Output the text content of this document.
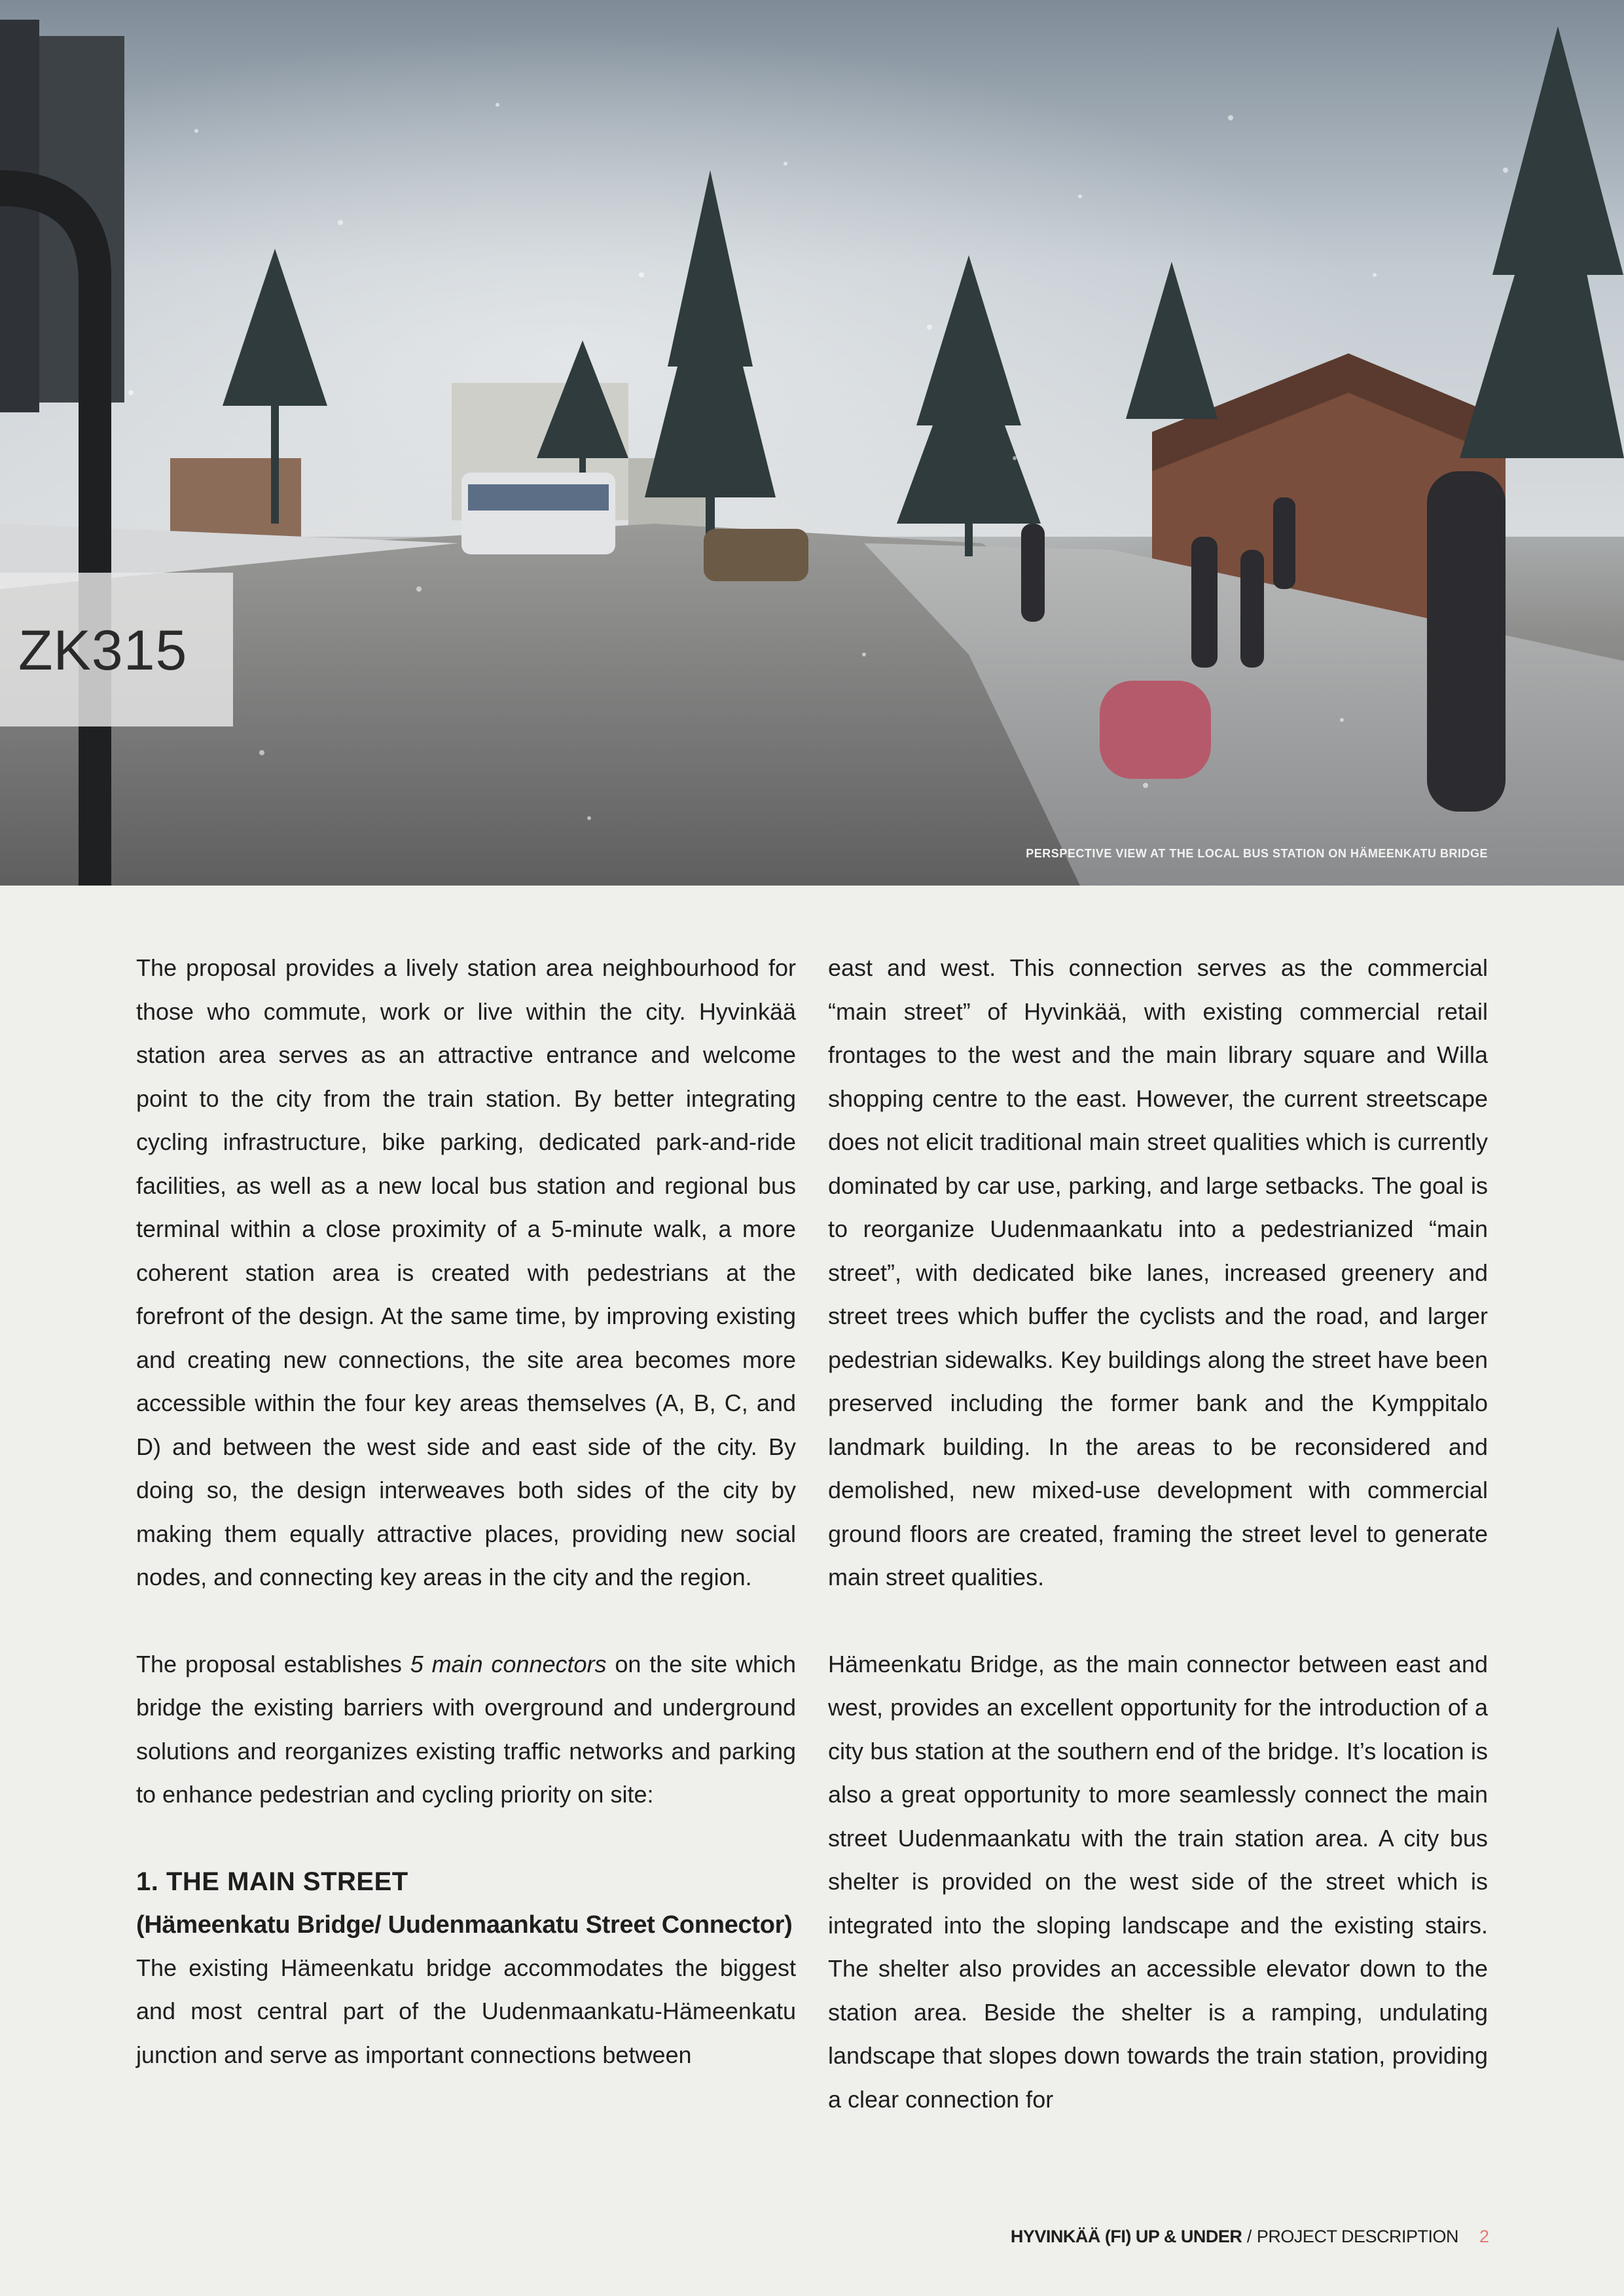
ZK315
PERSPECTIVE VIEW AT THE LOCAL BUS STATION ON HÄMEENKATU BRIDGE

The proposal provides a lively station area neighbourhood for those who commute, work or live within the city. Hyvinkää station area serves as an attractive entrance and welcome point to the city from the train station. By better integrating cycling infrastructure, bike parking, dedicated park-and-ride facilities, as well as a new local bus station and regional bus terminal within a close proximity of a 5-minute walk, a more coherent station area is created with pedestrians at the forefront of the design. At the same time, by improving existing and creating new connections, the site area becomes more accessible within the four key areas themselves (A, B, C, and D) and between the west side and east side of the city. By doing so, the design interweaves both sides of the city by making them equally attractive places, providing new social nodes, and connecting key areas in the city and the region.

The proposal establishes 5 main connectors on the site which bridge the existing barriers with overground and underground solutions and reorganizes existing traffic networks and parking to enhance pedestrian and cycling priority on site:

1. THE MAIN STREET
(Hämeenkatu Bridge/ Uudenmaankatu Street Connector)

The existing Hämeenkatu bridge accommodates the biggest and most central part of the Uudenmaankatu-Hämeenkatu junction and serve as important connections between

east and west. This connection serves as the commercial “main street” of Hyvinkää, with existing commercial retail frontages to the west and the main library square and Willa shopping centre to the east. However, the current streetscape does not elicit traditional main street qualities which is currently dominated by car use, parking, and large setbacks. The goal is to reorganize Uudenmaankatu into a pedestrianized “main street”, with dedicated bike lanes, increased greenery and street trees which buffer the cyclists and the road, and larger pedestrian sidewalks. Key buildings along the street have been preserved including the former bank and the Kymppitalo landmark building. In the areas to be reconsidered and demolished, new mixed-use development with commercial ground floors are created, framing the street level to generate main street qualities.

Hämeenkatu Bridge, as the main connector between east and west, provides an excellent opportunity for the introduction of a city bus station at the southern end of the bridge. It’s location is also a great opportunity to more seamlessly connect the main street Uudenmaankatu with the train station area. A city bus shelter is provided on the west side of the street which is integrated into the sloping landscape and the existing stairs. The shelter also provides an accessible elevator down to the station area. Beside the shelter is a ramping, undulating landscape that slopes down towards the train station, providing a clear connection for

HYVINKÄÄ (FI) UP & UNDER / PROJECT DESCRIPTION 2
